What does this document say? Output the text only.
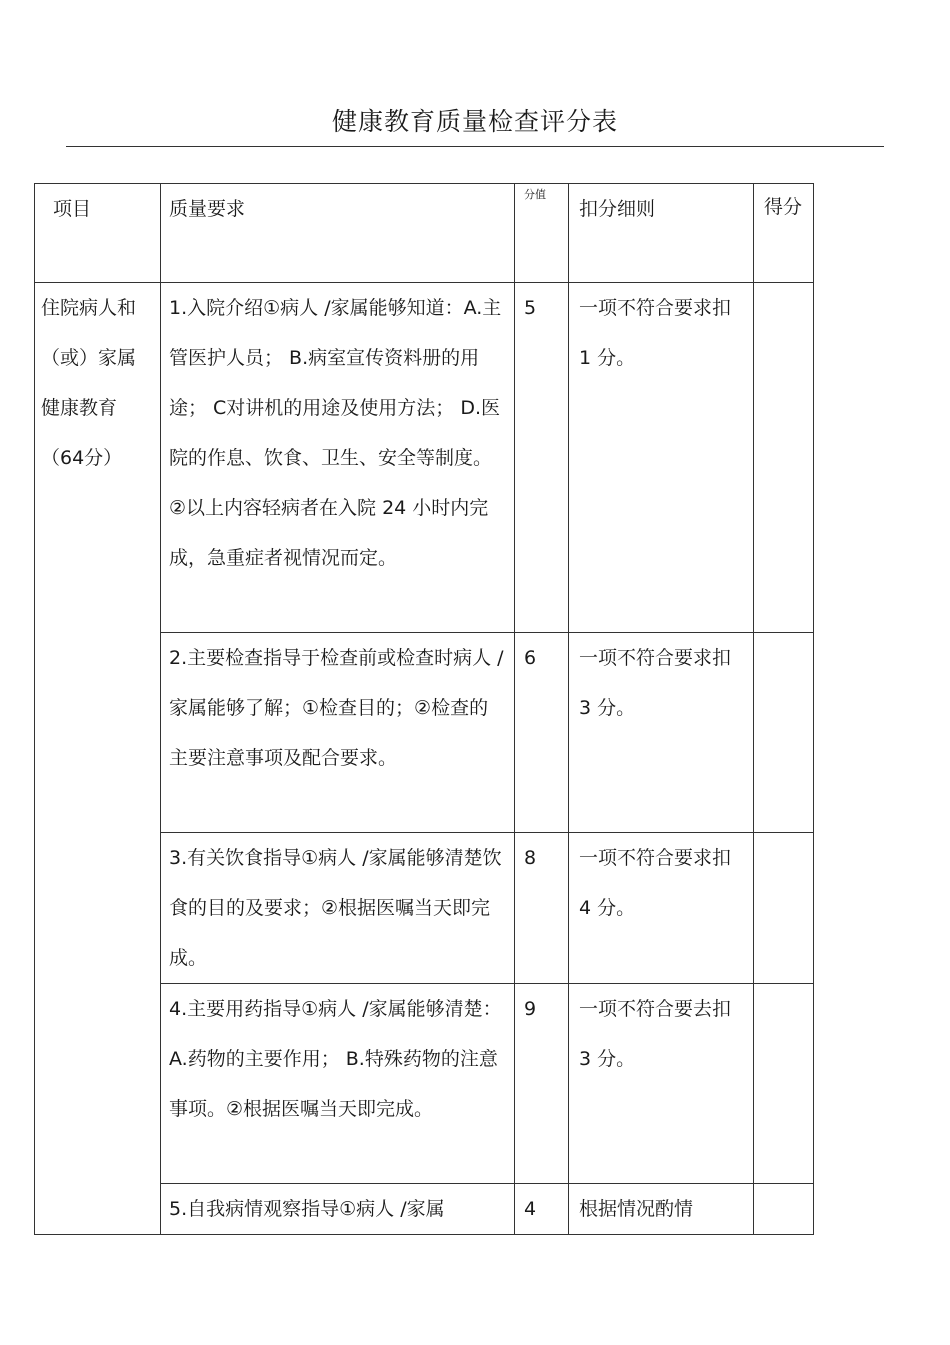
健康教育质量检查评分表
项目	质量要求	分值	扣分细则	得分
住院病人和（或）家属健康教育（64分）	1.入院介绍①病人 /家属能够知道：A.主管医护人员； B.病室宣传资料册的用途； C对讲机的用途及使用方法； D.医院的作息、饮食、卫生、安全等制度。②以上内容轻病者在入院 24 小时内完成，急重症者视情况而定。	5	一项不符合要求扣 1 分。	
	2.主要检查指导于检查前或检查时病人 / 家属能够了解；①检查目的；②检查的主要注意事项及配合要求。	6	一项不符合要求扣 3 分。	
	3.有关饮食指导①病人 /家属能够清楚饮食的目的及要求；②根据医嘱当天即完成。	8	一项不符合要求扣 4 分。	
	4.主要用药指导①病人 /家属能够清楚： A.药物的主要作用； B.特殊药物的注意事项。②根据医嘱当天即完成。	9	一项不符合要去扣 3 分。	
	5.自我病情观察指导①病人 /家属	4	根据情况酌情	
